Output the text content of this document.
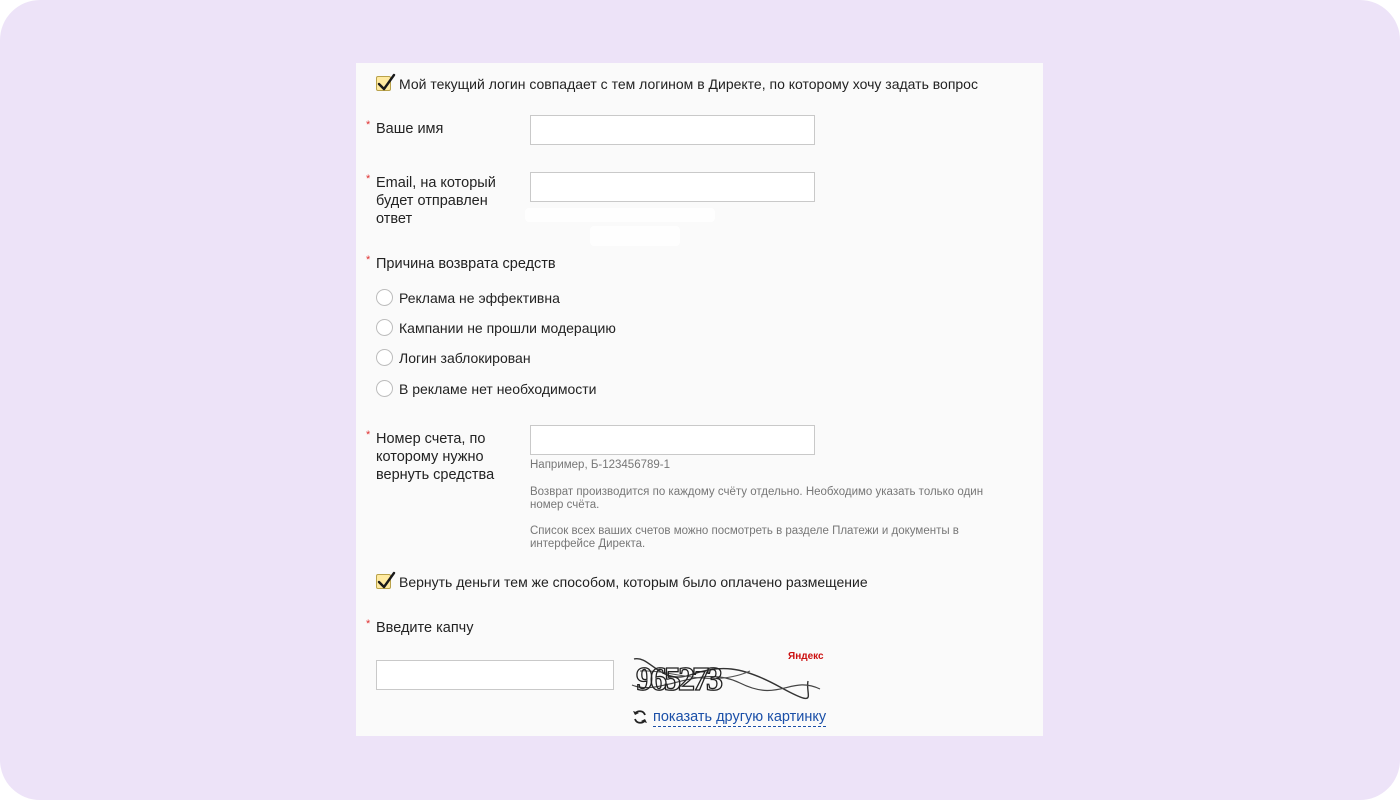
Мой текущий логин совпадает с тем логином в Директе, по которому хочу задать вопрос
* Ваше имя
* Email, на который
будет отправлен
ответ
* Причина возврата средств
Реклама не эффективна
Кампании не прошли модерацию
Логин заблокирован
В рекламе нет необходимости
* Номер счета, по
которому нужно
вернуть средства
Например, Б-123456789-1
Возврат производится по каждому счёту отдельно. Необходимо указать только один
номер счёта.
Список всех ваших счетов можно посмотреть в разделе Платежи и документы в
интерфейсе Директа.
Вернуть деньги тем же способом, которым было оплачено размещение
* Введите капчу
965273
Яндекс
показать другую картинку
